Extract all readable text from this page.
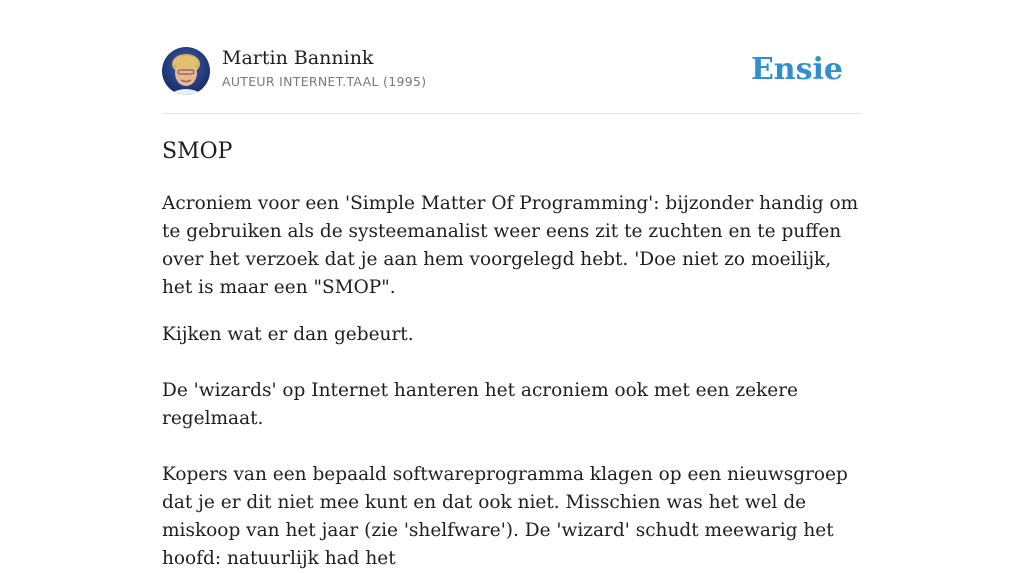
Martin Bannink
AUTEUR INTERNET.TAAL (1995)	Ensie
SMOP

Acroniem voor een 'Simple Matter Of Programming': bijzonder handig om te gebruiken als de systeemanalist weer eens zit te zuchten en te puffen over het verzoek dat je aan hem voorgelegd hebt. 'Doe niet zo moeilijk, het is maar een "SMOP".

Kijken wat er dan gebeurt.

De 'wizards' op Internet hanteren het acroniem ook met een zekere regelmaat.

Kopers van een bepaald softwareprogramma klagen op een nieuwsgroep dat je er dit niet mee kunt en dat ook niet. Misschien was het wel de miskoop van het jaar (zie 'shelfware'). De 'wizard' schudt meewarig het hoofd: natuurlijk had het
